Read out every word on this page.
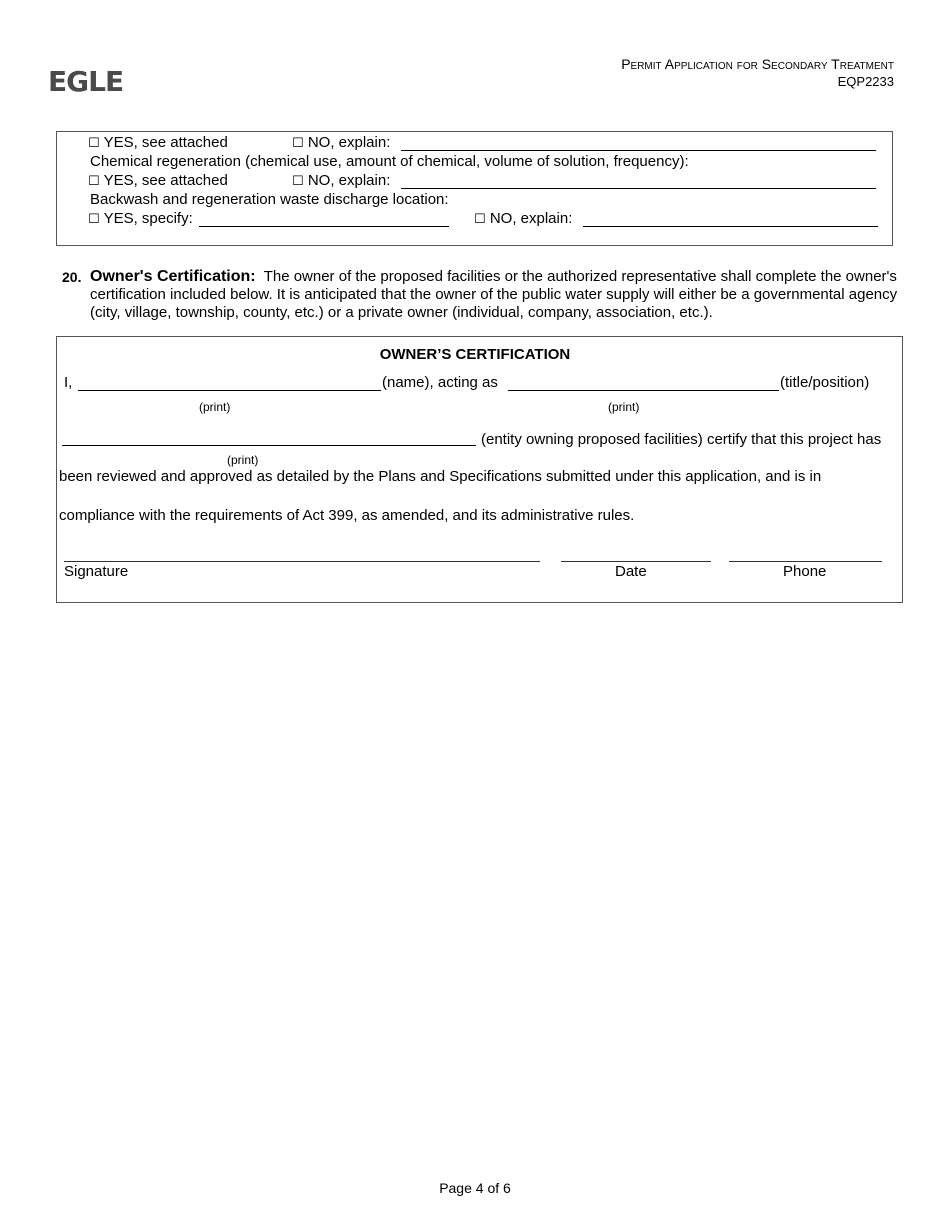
EGLE
Permit Application for Secondary Treatment
EQP2233
☐ YES, see attached	☐ NO, explain:
Chemical regeneration (chemical use, amount of chemical, volume of solution, frequency):
☐ YES, see attached	☐ NO, explain:
Backwash and regeneration waste discharge location:
☐ YES, specify:	☐ NO, explain:
20. Owner's Certification: The owner of the proposed facilities or the authorized representative shall complete the owner's certification included below. It is anticipated that the owner of the public water supply will either be a governmental agency (city, village, township, county, etc.) or a private owner (individual, company, association, etc.).
OWNER’S CERTIFICATION
I,	(name), acting as	(title/position)
(print)	(print)
(entity owning proposed facilities) certify that this project has
(print)
been reviewed and approved as detailed by the Plans and Specifications submitted under this application, and is in
compliance with the requirements of Act 399, as amended, and its administrative rules.
Signature	Date	Phone
Page 4 of 6
